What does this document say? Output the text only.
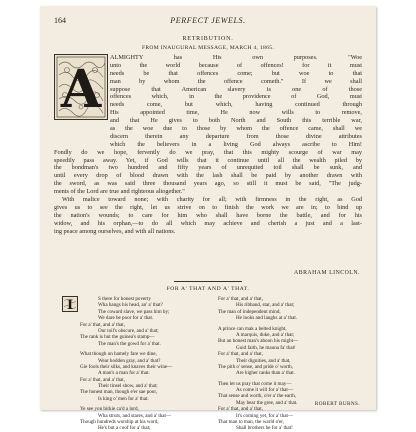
164	PERFECT JEWELS.
RETRIBUTION.
FROM INAUGURAL MESSAGE, MARCH 4, 1865.
ALMIGHTY has His own purposes. "Woe
unto the world because of offences! for it must
needs be that offences come; but woe to that
man by whom the offence cometh." If we shall
suppose that American slavery is one of those
offences which, in the providence of God, must
needs come, but which, having continued through
His appointed time, He now wills to remove,
and that He gives to both North and South this terrible war,
as the woe due to those by whom the offence came, shall we
discern therein any departure from those divine attributes
which the believers in a living God always ascribe to Him!
Fondly do we hope, fervently do we pray, that this mighty scourge of war may
speedily pass away. Yet, if God wills that it continue until all the wealth piled by
the bondman's two hundred and fifty years of unrequited toil shall be sunk, and
until every drop of blood drawn with the lash shall be paid by another drawn with
the sword, as was said three thousand years ago, so still it must be said, "The judg-
ments of the Lord are true and righteous altogether."
With malice toward none; with charity for all; with firmness in the right, as God
gives us to see the right, let us strive on to finish the work we are in; to bind up
the nation's wounds; to care for him who shall have borne the battle, and for his
widow, and his orphan,—to do all which may achieve and cherish a just and a last-
ing peace among ourselves, and with all nations.
A
ABRAHAM LINCOLN.
FOR A' THAT AND A' THAT.
I	S there for honest poverty
Wha hangs his head, an' a' that?
The coward slave, we pass him by;
We dare be poor for a' that.
For a' that, and a' that,
Our toil's obscure, and a' that;
The rank is but the guinea's stamp—
The man's the gowd for a' that.
What though on hamely fare we dine,
Wear hodden gray, and a' that?
Gie fools their silks, and knaves their wine—
A man's a man for a' that.
For a' that, and a' that,
Their tinsel show, and a' that;
The honest man, though e'er sae poor,
Is king o' men for a' that.
Ye see yon birkie ca'd a lord,
Wha struts, and stares, and a' that—
Though hundreds worship at his word,
He's but a coof for a' that;
For a' that, and a' that,
His ribband, star, and a' that;
The man of independent mind,
He looks and laughs at a' that.
A prince can mak a belted knight,
A marquis, duke, and a' that;
But an honest man's aboon his might—
Guid faith, he mauna fa' that!
For a' that, and a' that,
Their dignities, and a' that,
The pith o' sense, and pride o' worth,
Are higher ranks than a' that.
Then let us pray that come it may—
As come it will for a' that—
That sense and worth, o'er a' the earth,
May bear the gree, and a' that.
For a' that, and a' that,
It's coming yet, for a' that—
That man to man, the warld o'er,
Shall brothers be for a' that!
ROBERT BURNS.
